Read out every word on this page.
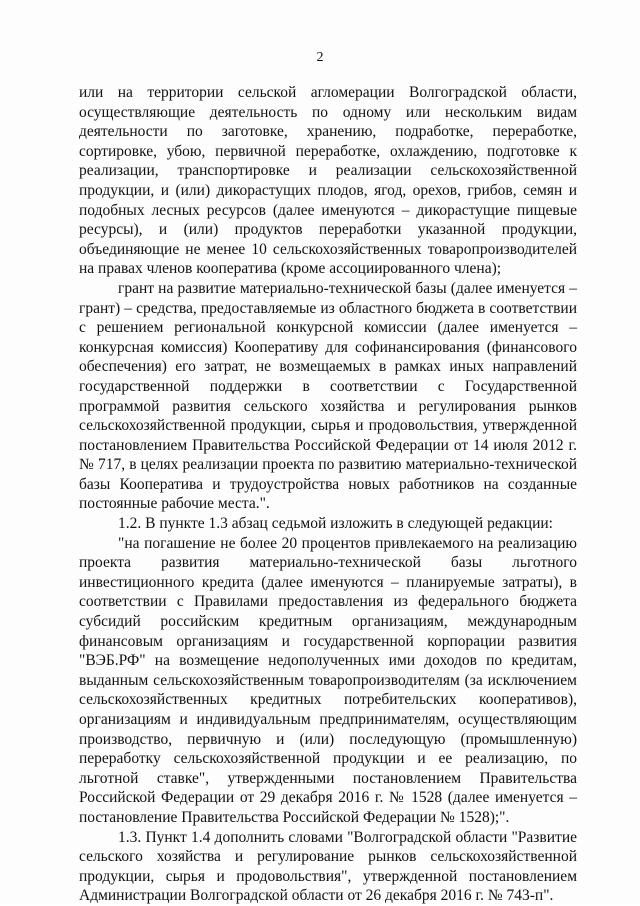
2

или на территории сельской агломерации Волгоградской области, осуществляющие деятельность по одному или нескольким видам деятельности по заготовке, хранению, подработке, переработке, сортировке, убою, первичной переработке, охлаждению, подготовке к реализации, транспортировке и реализации сельскохозяйственной продукции, и (или) дикорастущих плодов, ягод, орехов, грибов, семян и подобных лесных ресурсов (далее именуются – дикорастущие пищевые ресурсы), и (или) продуктов переработки указанной продукции, объединяющие не менее 10 сельскохозяйственных товаропроизводителей на правах членов кооператива (кроме ассоциированного члена);

грант на развитие материально-технической базы (далее именуется – грант) – средства, предоставляемые из областного бюджета в соответствии с решением региональной конкурсной комиссии (далее именуется – конкурсная комиссия) Кооперативу для софинансирования (финансового обеспечения) его затрат, не возмещаемых в рамках иных направлений государственной поддержки в соответствии с Государственной программой развития сельского хозяйства и регулирования рынков сельскохозяйственной продукции, сырья и продовольствия, утвержденной постановлением Правительства Российской Федерации от 14 июля 2012 г. № 717, в целях реализации проекта по развитию материально-технической базы Кооператива и трудоустройства новых работников на созданные постоянные рабочие места.".

1.2. В пункте 1.3 абзац седьмой изложить в следующей редакции:

"на погашение не более 20 процентов привлекаемого на реализацию проекта развития материально-технической базы льготного инвестиционного кредита (далее именуются – планируемые затраты), в соответствии с Правилами предоставления из федерального бюджета субсидий российским кредитным организациям, международным финансовым организациям и государственной корпорации развития "ВЭБ.РФ" на возмещение недополученных ими доходов по кредитам, выданным сельскохозяйственным товаропроизводителям (за исключением сельскохозяйственных кредитных потребительских кооперативов), организациям и индивидуальным предпринимателям, осуществляющим производство, первичную и (или) последующую (промышленную) переработку сельскохозяйственной продукции и ее реализацию, по льготной ставке", утвержденными постановлением Правительства Российской Федерации от 29 декабря 2016 г. № 1528 (далее именуется – постановление Правительства Российской Федерации № 1528);".

1.3. Пункт 1.4 дополнить словами "Волгоградской области "Развитие сельского хозяйства и регулирование рынков сельскохозяйственной продукции, сырья и продовольствия", утвержденной постановлением Администрации Волгоградской области от 26 декабря 2016 г. № 743-п".
